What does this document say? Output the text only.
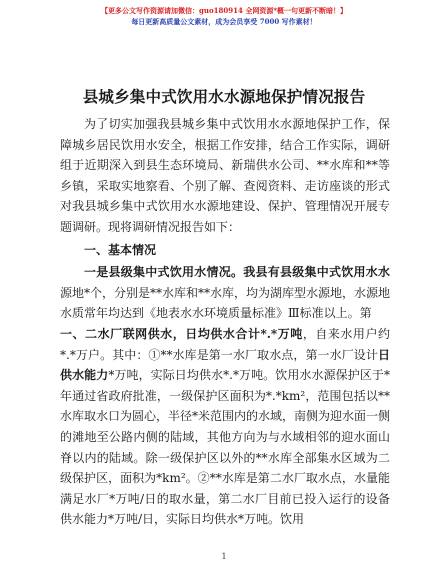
【更多公文写作资源请加微信：guo180914 全网资源*概一句更新不断暗！】
每日更新高质量公文素材，成为会员享受 7000 写作素材！
县城乡集中式饮用水水源地保护情况报告

为了切实加强我县城乡集中式饮用水水源地保护工作，保障城乡居民饮用水安全，根据工作安排，结合工作实际，调研组于近期深入到县生态环境局、新瑞供水公司、**水库和**等乡镇，采取实地察看、个别了解、查阅资料、走访座谈的形式对我县城乡集中式饮用水水源地建设、保护、管理情况开展专题调研。现将调研情况报告如下：

一、基本情况

一是县级集中式饮用水情况。我县有县级集中式饮用水水源地*个，分别是**水库和**水库，均为湖库型水源地，水源地水质常年均达到《地表水水环境质量标准》Ⅲ标准以上。第

一、二水厂联网供水，日均供水合计*.*万吨，自来水用户约*.*万户。其中：①**水库是第一水厂取水点，第一水厂设计日供水能力*万吨，实际日均供水*.*万吨。饮用水水源保护区于*年通过省政府批准，一级保护区面积为*.*km²，范围包括以**水库取水口为圆心，半径*米范围内的水域，南侧为迎水面一侧的滩地至公路内侧的陆域，其他方向为与水域相邻的迎水面山脊以内的陆域。除一级保护区以外的**水库全部集水区域为二级保护区，面积为*km²。②**水库是第二水厂取水点，水量能满足水厂*万吨/日的取水量，第二水厂目前已投入运行的设备供水能力*万吨/日，实际日均供水*万吨。饮用

1
